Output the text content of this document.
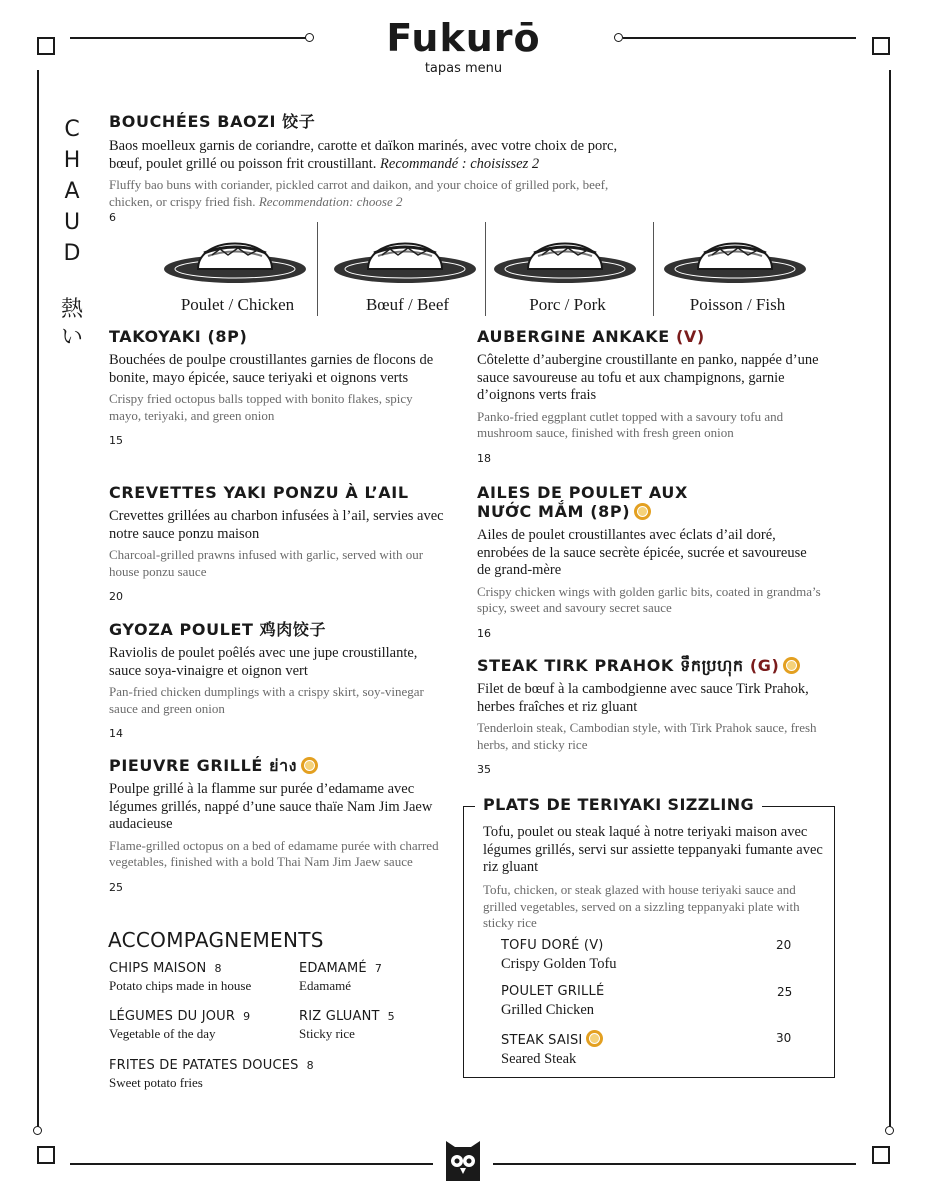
Fukurō
tapas menu
C
H
A
U
D
熱
い
BOUCHÉES BAOZI 饺子
Baos moelleux garnis de coriandre, carotte et daïkon marinés, avec votre choix de porc, bœuf, poulet grillé ou poisson frit croustillant. Recommandé : choisissez 2
Fluffy bao buns with coriander, pickled carrot and daikon, and your choice of grilled pork, beef, chicken, or crispy fried fish. Recommendation: choose 2
6
Poulet / Chicken	Bœuf / Beef	Porc / Pork	Poisson / Fish
TAKOYAKI (8P)
Bouchées de poulpe croustillantes garnies de flocons de bonite, mayo épicée, sauce teriyaki et oignons verts
Crispy fried octopus balls topped with bonito flakes, spicy mayo, teriyaki, and green onion
15
CREVETTES YAKI PONZU À L’AIL
Crevettes grillées au charbon infusées à l’ail, servies avec notre sauce ponzu maison
Charcoal-grilled prawns infused with garlic, served with our house ponzu sauce
20
GYOZA POULET 鸡肉饺子
Raviolis de poulet poêlés avec une jupe croustillante, sauce soya-vinaigre et oignon vert
Pan-fried chicken dumplings with a crispy skirt, soy-vinegar sauce and green onion
14
PIEUVRE GRILLÉ ย่าง
Poulpe grillé à la flamme sur purée d’edamame avec légumes grillés, nappé d’une sauce thaïe Nam Jim Jaew audacieuse
Flame-grilled octopus on a bed of edamame purée with charred vegetables, finished with a bold Thai Nam Jim Jaew sauce
25
AUBERGINE ANKAKE (V)
Côtelette d’aubergine croustillante en panko, nappée d’une sauce savoureuse au tofu et aux champignons, garnie d’oignons verts frais
Panko-fried eggplant cutlet topped with a savoury tofu and mushroom sauce, finished with fresh green onion
18
AILES DE POULET AUX
NƯỚC MẮM (8P)
Ailes de poulet croustillantes avec éclats d’ail doré, enrobées de la sauce secrète épicée, sucrée et savoureuse de grand-mère
Crispy chicken wings with golden garlic bits, coated in grandma’s spicy, sweet and savoury secret sauce
16
STEAK TIRK PRAHOK ទឹកប្រហុក (G)
Filet de bœuf à la cambodgienne avec sauce Tirk Prahok, herbes fraîches et riz gluant
Tenderloin steak, Cambodian style, with Tirk Prahok sauce, fresh herbs, and sticky rice
35
PLATS DE TERIYAKI SIZZLING
Tofu, poulet ou steak laqué à notre teriyaki maison avec légumes grillés, servi sur assiette teppanyaki fumante avec riz gluant
Tofu, chicken, or steak glazed with house teriyaki sauce and grilled vegetables, served on a sizzling teppanyaki plate with sticky rice
TOFU DORÉ (V)
Crispy Golden Tofu
20
POULET GRILLÉ
Grilled Chicken
25
STEAK SAISI
Seared Steak
30
ACCOMPAGNEMENTS
CHIPS MAISON 8
Potato chips made in house
EDAMAMÉ 7
Edamamé
LÉGUMES DU JOUR 9
Vegetable of the day
RIZ GLUANT 5
Sticky rice
FRITES DE PATATES DOUCES 8
Sweet potato fries
